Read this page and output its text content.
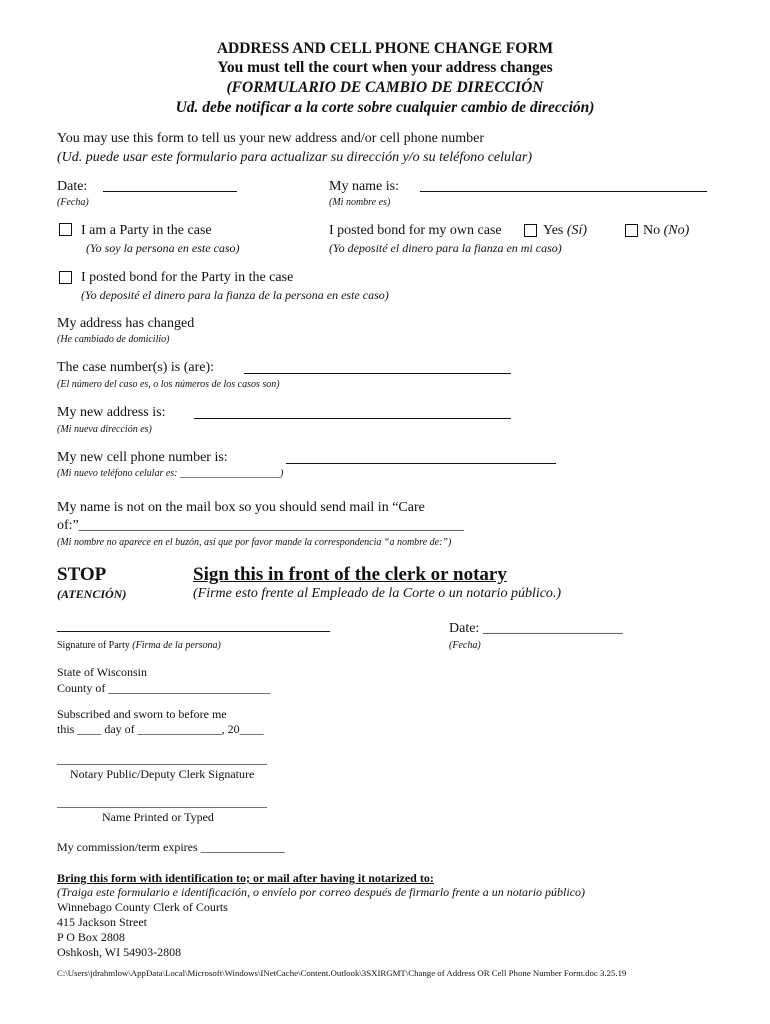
ADDRESS AND CELL PHONE CHANGE FORM
You must tell the court when your address changes
(FORMULARIO DE CAMBIO DE DIRECCIÓN
Ud. debe notificar a la corte sobre cualquier cambio de dirección)
You may use this form to tell us your new address and/or cell phone number
(Ud. puede usar este formulario para actualizar su dirección y/o su teléfono celular)
Date:
(Fecha)
My name is:
(Mi nombre es)
I am a Party in the case
(Yo soy la persona en este caso)
I posted bond for my own case	Yes (Sí)	No (No)
(Yo deposité el dinero para la fianza en mi caso)
I posted bond for the Party in the case
(Yo deposité el dinero para la fianza de la persona en este caso)
My address has changed
(He cambiado de domicilio)
The case number(s) is (are):
(El número del caso es, o los números de los casos son)
My new address is:
(Mi nueva dirección es)
My new cell phone number is:
(Mi nuevo teléfono celular es: ____________________)
My name is not on the mail box so you should send mail in “Care
of:”_______________________________________________________
(Mi nombre no aparece en el buzón, así que por favor mande la correspondencia “a nombre de:”)
STOP
(ATENCIÓN)
Sign this in front of the clerk or notary
(Firme esto frente al Empleado de la Corte o un notario público.)
_______________________________________	Date: ____________________
Signature of Party (Firma de la persona)	(Fecha)
State of Wisconsin
County of ___________________________
Subscribed and sworn to before me
this ____ day of ______________, 20____
___________________________________
Notary Public/Deputy Clerk Signature
___________________________________
Name Printed or Typed
My commission/term expires ______________
Bring this form with identification to; or mail after having it notarized to:
(Traiga este formulario e identificación, o envíelo por correo después de firmarlo frente a un notario público)
Winnebago County Clerk of Courts
415 Jackson Street
P O Box 2808
Oshkosh, WI 54903-2808
C:\Users\jdrahmlow\AppData\Local\Microsoft\Windows\INetCache\Content.Outlook\3SXIRGMT\Change of Address OR Cell Phone Number Form.doc 3.25.19
